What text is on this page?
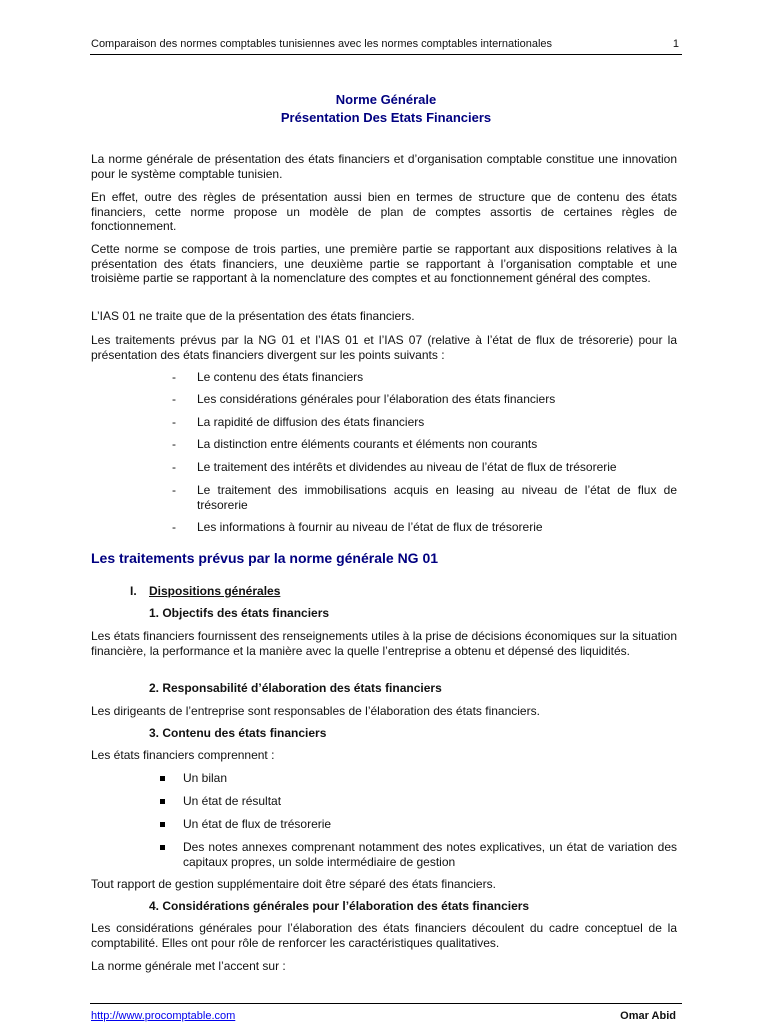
Comparaison des normes comptables tunisiennes avec les normes comptables internationales	1
Norme Générale
Présentation Des Etats Financiers
La norme générale de présentation des états financiers et d’organisation comptable constitue une innovation pour le système comptable tunisien.
En effet, outre des règles de présentation aussi bien en termes de structure que de contenu des états financiers, cette norme propose un modèle de plan de comptes assortis de certaines règles de fonctionnement.
Cette norme se compose de trois parties, une première partie se rapportant aux dispositions relatives à la présentation des états financiers, une deuxième partie se rapportant à l’organisation comptable et une troisième partie se rapportant à la nomenclature des comptes et au fonctionnement général des comptes.
L’IAS 01 ne traite que de la présentation des états financiers.
Les traitements prévus par la NG 01 et l’IAS 01 et l’IAS 07 (relative à l’état de flux de trésorerie) pour la présentation des états financiers divergent sur les points suivants :
- Le contenu des états financiers
- Les considérations générales pour l’élaboration des états financiers
- La rapidité de diffusion des états financiers
- La distinction entre éléments courants et éléments non courants
- Le traitement des intérêts et dividendes au niveau de l’état de flux de trésorerie
- Le traitement des immobilisations acquis en leasing au niveau de l’état de flux de trésorerie
- Les informations à fournir au niveau de l’état de flux de trésorerie
Les traitements prévus par la norme générale NG 01
I. Dispositions générales
1. Objectifs des états financiers
Les états financiers fournissent des renseignements utiles à la prise de décisions économiques sur la situation financière, la performance et la manière avec la quelle l’entreprise a obtenu et dépensé des liquidités.
2. Responsabilité d’élaboration des états financiers
Les dirigeants de l’entreprise sont responsables de l’élaboration des états financiers.
3. Contenu des états financiers
Les états financiers comprennent :
Un bilan
Un état de résultat
Un état de flux de trésorerie
Des notes annexes comprenant notamment des notes explicatives, un état de variation des capitaux propres, un solde intermédiaire de gestion
Tout rapport de gestion supplémentaire doit être séparé des états financiers.
4. Considérations générales pour l’élaboration des états financiers
Les considérations générales pour l’élaboration des états financiers découlent du cadre conceptuel de la comptabilité. Elles ont pour rôle de renforcer les caractéristiques qualitatives.
La norme générale met l’accent sur :
http://www.procomptable.com	Omar Abid
